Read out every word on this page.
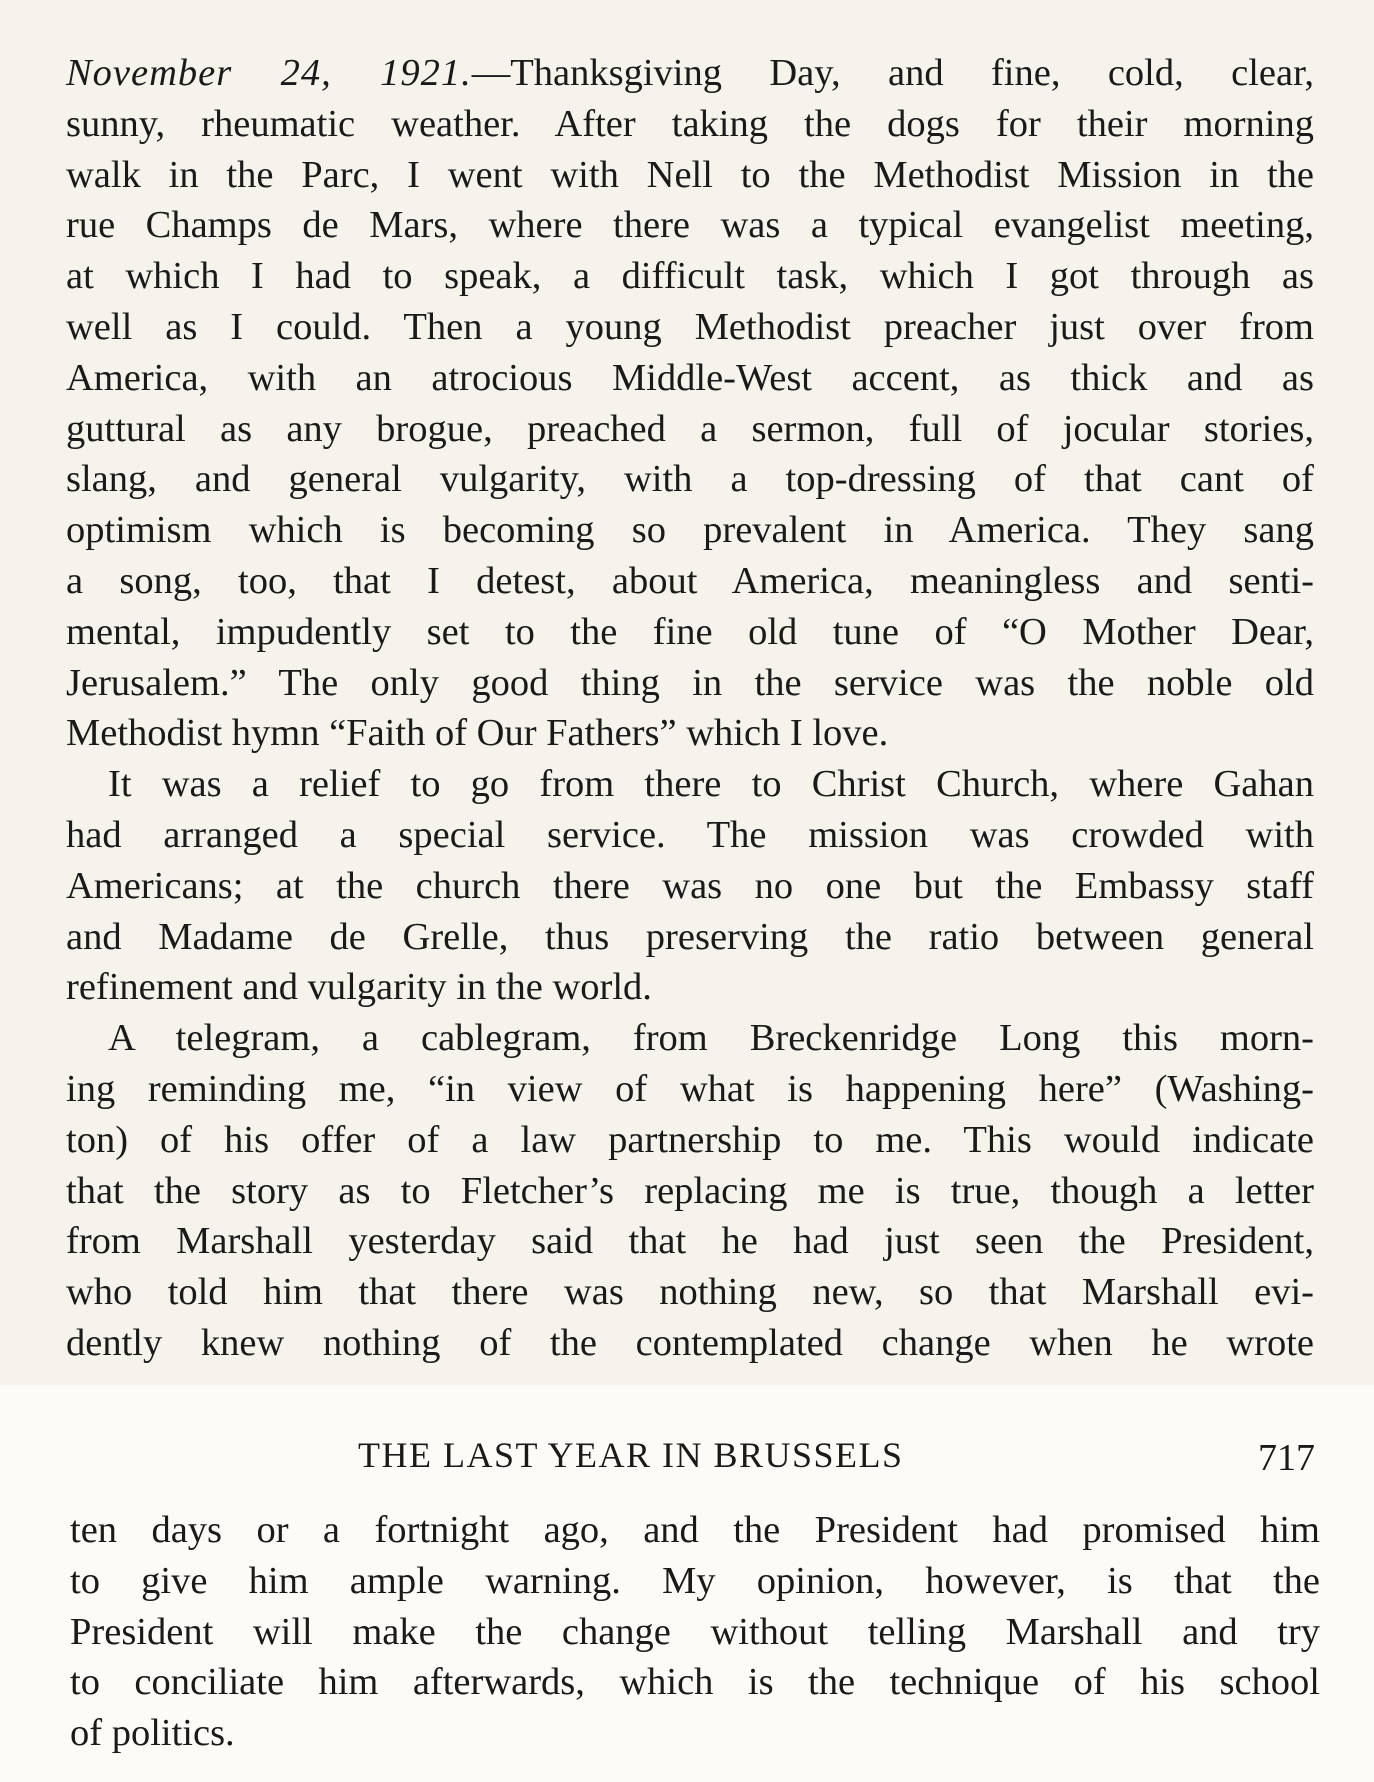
November 24, 1921.—Thanksgiving Day, and fine, cold, clear,
sunny, rheumatic weather. After taking the dogs for their morning
walk in the Parc, I went with Nell to the Methodist Mission in the
rue Champs de Mars, where there was a typical evangelist meeting,
at which I had to speak, a difficult task, which I got through as
well as I could. Then a young Methodist preacher just over from
America, with an atrocious Middle-West accent, as thick and as
guttural as any brogue, preached a sermon, full of jocular stories,
slang, and general vulgarity, with a top-dressing of that cant of
optimism which is becoming so prevalent in America. They sang
a song, too, that I detest, about America, meaningless and senti-
mental, impudently set to the fine old tune of “O Mother Dear,
Jerusalem.” The only good thing in the service was the noble old
Methodist hymn “Faith of Our Fathers” which I love.
It was a relief to go from there to Christ Church, where Gahan
had arranged a special service. The mission was crowded with
Americans; at the church there was no one but the Embassy staff
and Madame de Grelle, thus preserving the ratio between general
refinement and vulgarity in the world.
A telegram, a cablegram, from Breckenridge Long this morn-
ing reminding me, “in view of what is happening here” (Washing-
ton) of his offer of a law partnership to me. This would indicate
that the story as to Fletcher’s replacing me is true, though a letter
from Marshall yesterday said that he had just seen the President,
who told him that there was nothing new, so that Marshall evi-
dently knew nothing of the contemplated change when he wrote
THE LAST YEAR IN BRUSSELS	717
ten days or a fortnight ago, and the President had promised him
to give him ample warning. My opinion, however, is that the
President will make the change without telling Marshall and try
to conciliate him afterwards, which is the technique of his school
of politics.
